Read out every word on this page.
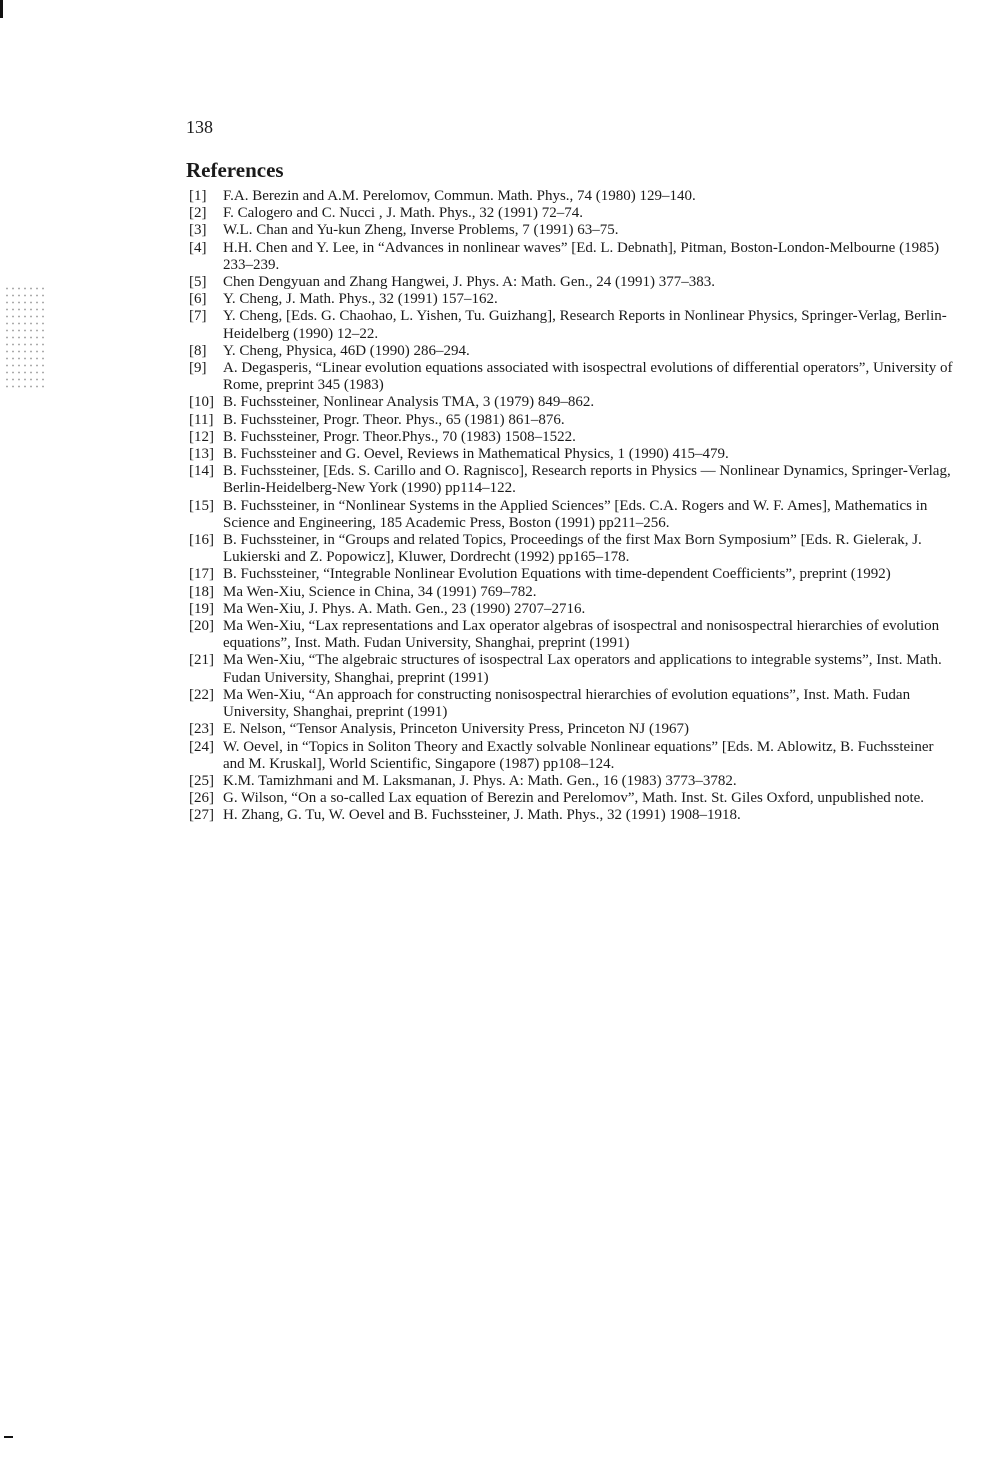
138
References
[1] F.A. Berezin and A.M. Perelomov, Commun. Math. Phys., 74 (1980) 129–140.
[2] F. Calogero and C. Nucci , J. Math. Phys., 32 (1991) 72–74.
[3] W.L. Chan and Yu-kun Zheng, Inverse Problems, 7 (1991) 63–75.
[4] H.H. Chen and Y. Lee, in “Advances in nonlinear waves” [Ed. L. Debnath], Pitman, Boston-London-Melbourne (1985) 233–239.
[5] Chen Dengyuan and Zhang Hangwei, J. Phys. A: Math. Gen., 24 (1991) 377–383.
[6] Y. Cheng, J. Math. Phys., 32 (1991) 157–162.
[7] Y. Cheng, [Eds. G. Chaohao, L. Yishen, Tu. Guizhang], Research Reports in Nonlinear Physics, Springer-Verlag, Berlin-Heidelberg (1990) 12–22.
[8] Y. Cheng, Physica, 46D (1990) 286–294.
[9] A. Degasperis, “Linear evolution equations associated with isospectral evolutions of differential operators”, University of Rome, preprint 345 (1983)
[10] B. Fuchssteiner, Nonlinear Analysis TMA, 3 (1979) 849–862.
[11] B. Fuchssteiner, Progr. Theor. Phys., 65 (1981) 861–876.
[12] B. Fuchssteiner, Progr. Theor.Phys., 70 (1983) 1508–1522.
[13] B. Fuchssteiner and G. Oevel, Reviews in Mathematical Physics, 1 (1990) 415–479.
[14] B. Fuchssteiner, [Eds. S. Carillo and O. Ragnisco], Research reports in Physics — Nonlinear Dynamics, Springer-Verlag, Berlin-Heidelberg-New York (1990) pp114–122.
[15] B. Fuchssteiner, in “Nonlinear Systems in the Applied Sciences” [Eds. C.A. Rogers and W. F. Ames], Mathematics in Science and Engineering, 185 Academic Press, Boston (1991) pp211–256.
[16] B. Fuchssteiner, in “Groups and related Topics, Proceedings of the first Max Born Symposium” [Eds. R. Gielerak, J. Lukierski and Z. Popowicz], Kluwer, Dordrecht (1992) pp165–178.
[17] B. Fuchssteiner, “Integrable Nonlinear Evolution Equations with time-dependent Coefficients”, preprint (1992)
[18] Ma Wen-Xiu, Science in China, 34 (1991) 769–782.
[19] Ma Wen-Xiu, J. Phys. A. Math. Gen., 23 (1990) 2707–2716.
[20] Ma Wen-Xiu, “Lax representations and Lax operator algebras of isospectral and nonisospectral hierarchies of evolution equations”, Inst. Math. Fudan University, Shanghai, preprint (1991)
[21] Ma Wen-Xiu, “The algebraic structures of isospectral Lax operators and applications to integrable systems”, Inst. Math. Fudan University, Shanghai, preprint (1991)
[22] Ma Wen-Xiu, “An approach for constructing nonisospectral hierarchies of evolution equations”, Inst. Math. Fudan University, Shanghai, preprint (1991)
[23] E. Nelson, “Tensor Analysis, Princeton University Press, Princeton NJ (1967)
[24] W. Oevel, in “Topics in Soliton Theory and Exactly solvable Nonlinear equations” [Eds. M. Ablowitz, B. Fuchssteiner and M. Kruskal], World Scientific, Singapore (1987) pp108–124.
[25] K.M. Tamizhmani and M. Laksmanan, J. Phys. A: Math. Gen., 16 (1983) 3773–3782.
[26] G. Wilson, “On a so-called Lax equation of Berezin and Perelomov”, Math. Inst. St. Giles Oxford, unpublished note.
[27] H. Zhang, G. Tu, W. Oevel and B. Fuchssteiner, J. Math. Phys., 32 (1991) 1908–1918.
